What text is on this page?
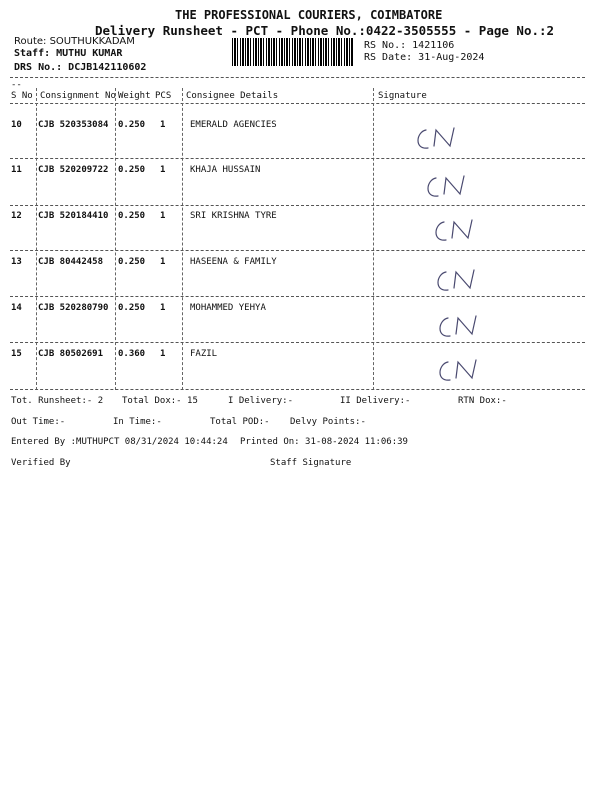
THE PROFESSIONAL COURIERS, COIMBATORE
Delivery Runsheet - PCT - Phone No.:0422-3505555 - Page No.:2
Route: SOUTHUKKADAM
Staff: MUTHU KUMAR
DRS No.: DCJB142110602
RS No.: 1421106
RS Date: 31-Aug-2024
--
S No Consignment No Weight PCS Consignee Details	Signature
10 CJB 520353084 0.250 1	EMERALD AGENCIES
11 CJB 520209722 0.250 1	KHAJA HUSSAIN
12 CJB 520184410 0.250 1	SRI KRISHNA TYRE
13 CJB 80442458 0.250 1	HASEENA & FAMILY
14 CJB 520280790 0.250 1	MOHAMMED YEHYA
15 CJB 80502691 0.360 1	FAZIL
Tot. Runsheet:- 2 Total Dox:- 15	I Delivery:-	II Delivery:-	RTN Dox:-
Out Time:-	In Time:-	Total POD:- Delvy Points:-
Entered By :MUTHUPCT 08/31/2024 10:44:24 Printed On: 31-08-2024 11:06:39
Verified By	Staff Signature
